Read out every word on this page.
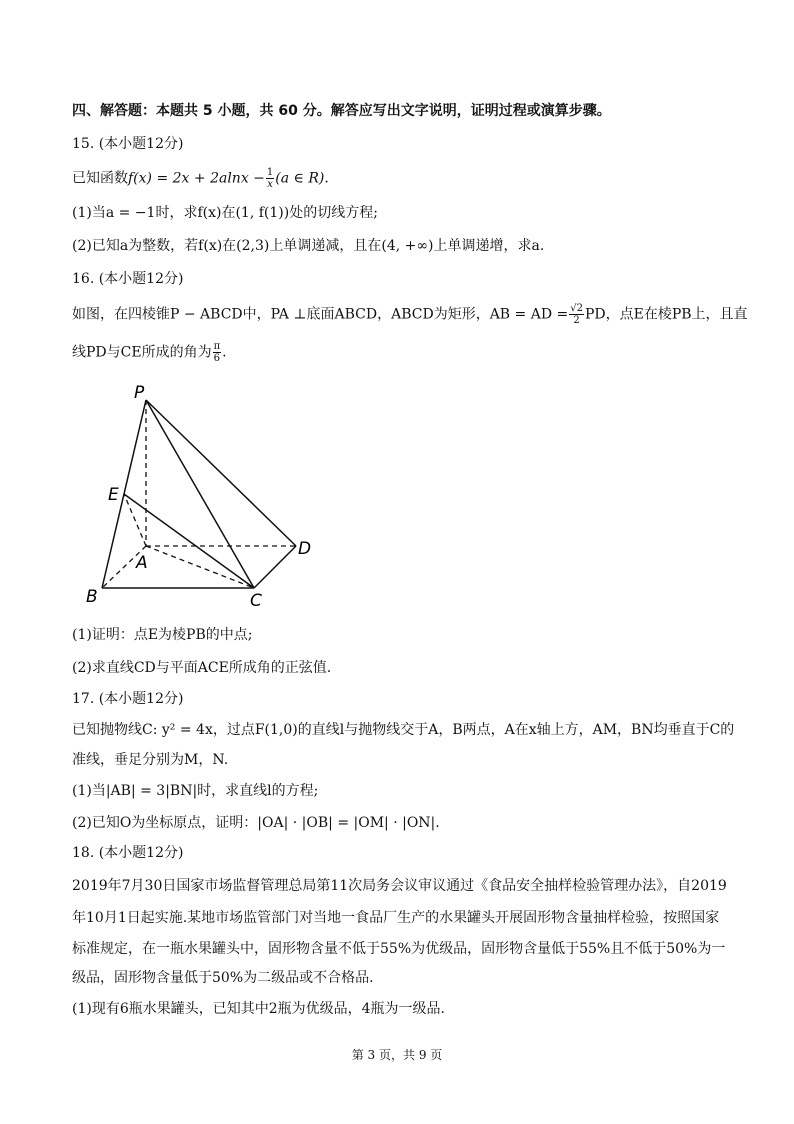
四、解答题：本题共 5 小题，共 60 分。解答应写出文字说明，证明过程或演算步骤。
15. (本小题12分)
已知函数$f(x) = 2x + 2alnx - \frac{1}{x} (a$ ∈ R).
(1)当a = −1时，求f(x)在(1, f(1))处的切线方程;
(2)已知a为整数，若f(x)在(2,3)上单调递减，且在(4, +∞)上单调递增，求a.
16. (本小题12分)
如图，在四棱锥P − ABCD中，PA ⊥底面ABCD，ABCD为矩形，AB = AD = $\frac{√2}{2}$ PD，点E在棱PB上，且直
线PD与CE所成的角为 $\frac{\pi}{6}$ .
P
E
A
B	C
D
(1)证明：点E为棱PB的中点;
(2)求直线CD与平面ACE所成角的正弦值.
17. (本小题12分)
已知抛物线C: y² = 4x，过点F(1,0)的直线l与抛物线交于A，B两点，A在x轴上方，AM，BN均垂直于C的
准线，垂足分别为M，N.
(1)当|AB| = 3|BN|时，求直线l的方程;
(2)已知O为坐标原点，证明：|OA| · |OB| = |OM| · |ON|.
18. (本小题12分)
2019年7月30日国家市场监督管理总局第11次局务会议审议通过《食品安全抽样检验管理办法》，自2019
年10月1日起实施.某地市场监管部门对当地一食品厂生产的水果罐头开展固形物含量抽样检验，按照国家
标准规定，在一瓶水果罐头中，固形物含量不低于55%为优级品，固形物含量低于55%且不低于50%为一
级品，固形物含量低于50%为二级品或不合格品.
(1)现有6瓶水果罐头，已知其中2瓶为优级品，4瓶为一级品.
第 3 页，共 9 页
